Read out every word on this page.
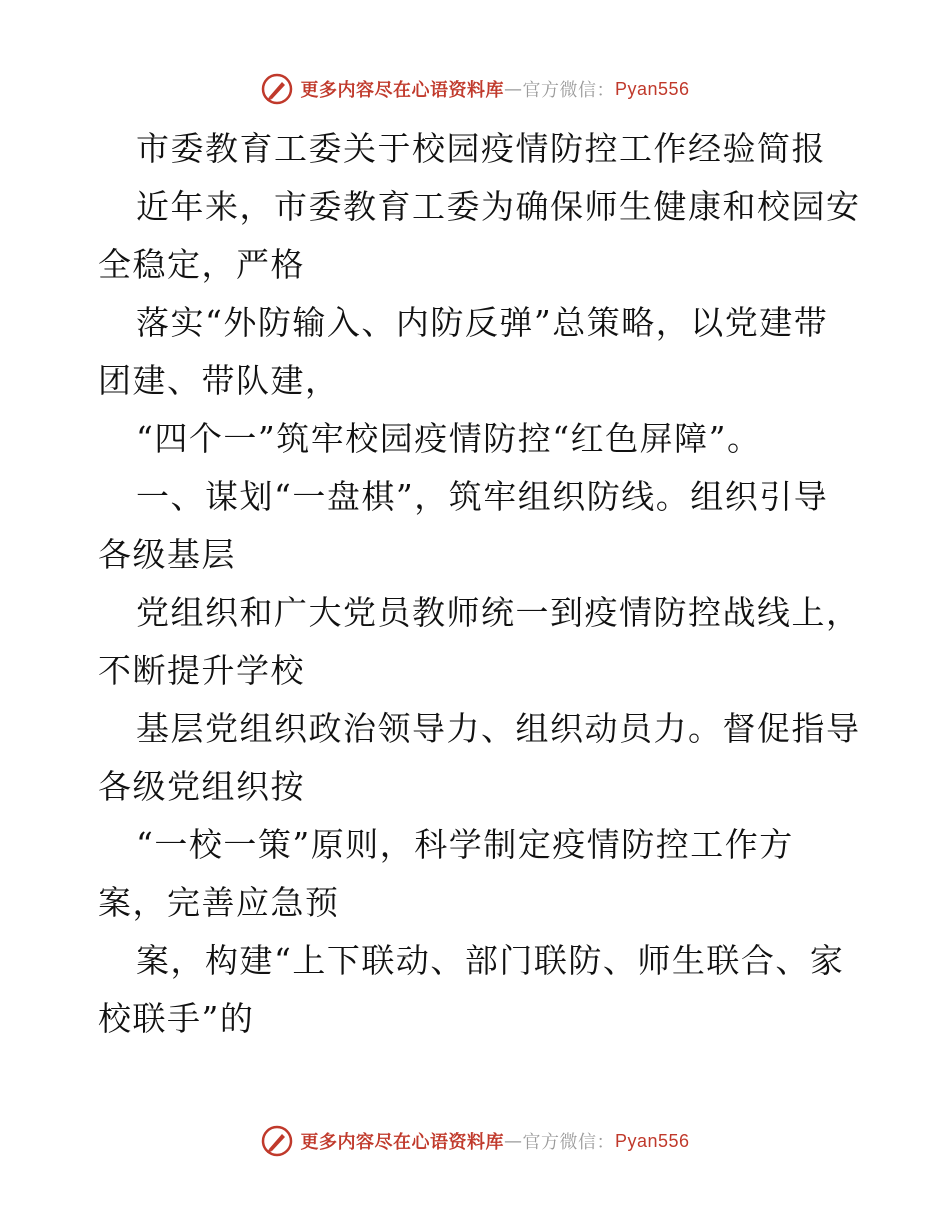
更多内容尽在心语资料库 — 官方微信： Pyan556
市委教育工委关于校园疫情防控工作经验简报
近年来，市委教育工委为确保师生健康和校园安
全稳定，严格
落实“外防输入、内防反弹”总策略，以党建带
团建、带队建，
“四个一”筑牢校园疫情防控“红色屏障”。
一、谋划“一盘棋”，筑牢组织防线。组织引导
各级基层
党组织和广大党员教师统一到疫情防控战线上，
不断提升学校
基层党组织政治领导力、组织动员力。督促指导
各级党组织按
“一校一策”原则，科学制定疫情防控工作方
案，完善应急预
案，构建“上下联动、部门联防、师生联合、家
校联手”的
更多内容尽在心语资料库 — 官方微信： Pyan556
